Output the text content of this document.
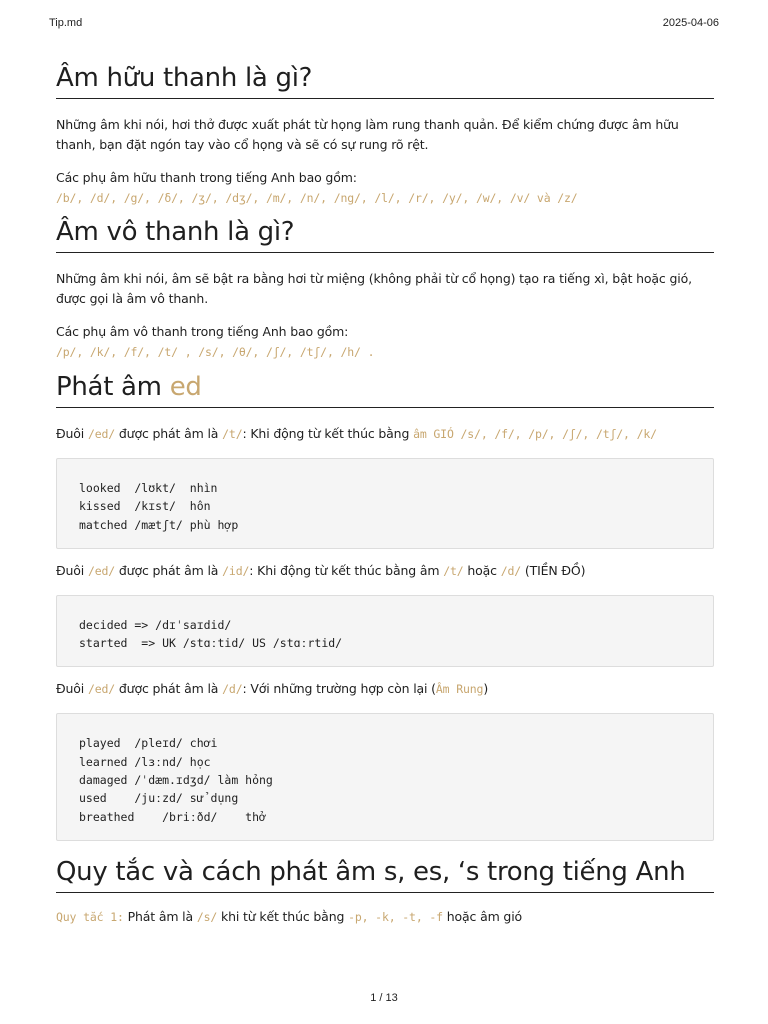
Tip.md	2025-04-06
Âm hữu thanh là gì?

Những âm khi nói, hơi thở được xuất phát từ họng làm rung thanh quản. Để kiểm chứng được âm hữu thanh, bạn đặt ngón tay vào cổ họng và sẽ có sự rung rõ rệt.

Các phụ âm hữu thanh trong tiếng Anh bao gồm:

/b/, /d/, /g/, /δ/, /ʒ/, /dʒ/, /m/, /n/, /ng/, /l/, /r/, /y/, /w/, /v/ và /z/

Âm vô thanh là gì?

Những âm khi nói, âm sẽ bật ra bằng hơi từ miệng (không phải từ cổ họng) tạo ra tiếng xì, bật hoặc gió, được gọi là âm vô thanh.

Các phụ âm vô thanh trong tiếng Anh bao gồm:

/p/, /k/, /f/, /t/ , /s/, /θ/, /ʃ/, /tʃ/, /h/ .

Phát âm ed

Đuôi /ed/ được phát âm là /t/: Khi động từ kết thúc bằng âm GIÓ /s/, /f/, /p/, /ʃ/, /tʃ/, /k/

looked  /lʊkt/  nhìn
kissed  /kɪst/  hôn
matched /mætʃt/ phù hợp

Đuôi /ed/ được phát âm là /id/: Khi động từ kết thúc bằng âm /t/ hoặc /d/ (TIỀN ĐỒ)

decided => /dɪˈsaɪdid/
started  => UK /stɑːtid/ US /stɑːrtid/

Đuôi /ed/ được phát âm là /d/: Với những trường hợp còn lại (Âm Rung)

played  /pleɪd/ chơi
learned /lɜːnd/ học
damaged /ˈdæm.ɪdʒd/ làm hỏng
used    /juːzd/ sử dụng
breathed    /briːðd/    thở
Quy tắc và cách phát âm s, es, ‘s trong tiếng Anh

Quy tắc 1: Phát âm là /s/ khi từ kết thúc bằng -p, -k, -t, -f hoặc âm gió

1 / 13
